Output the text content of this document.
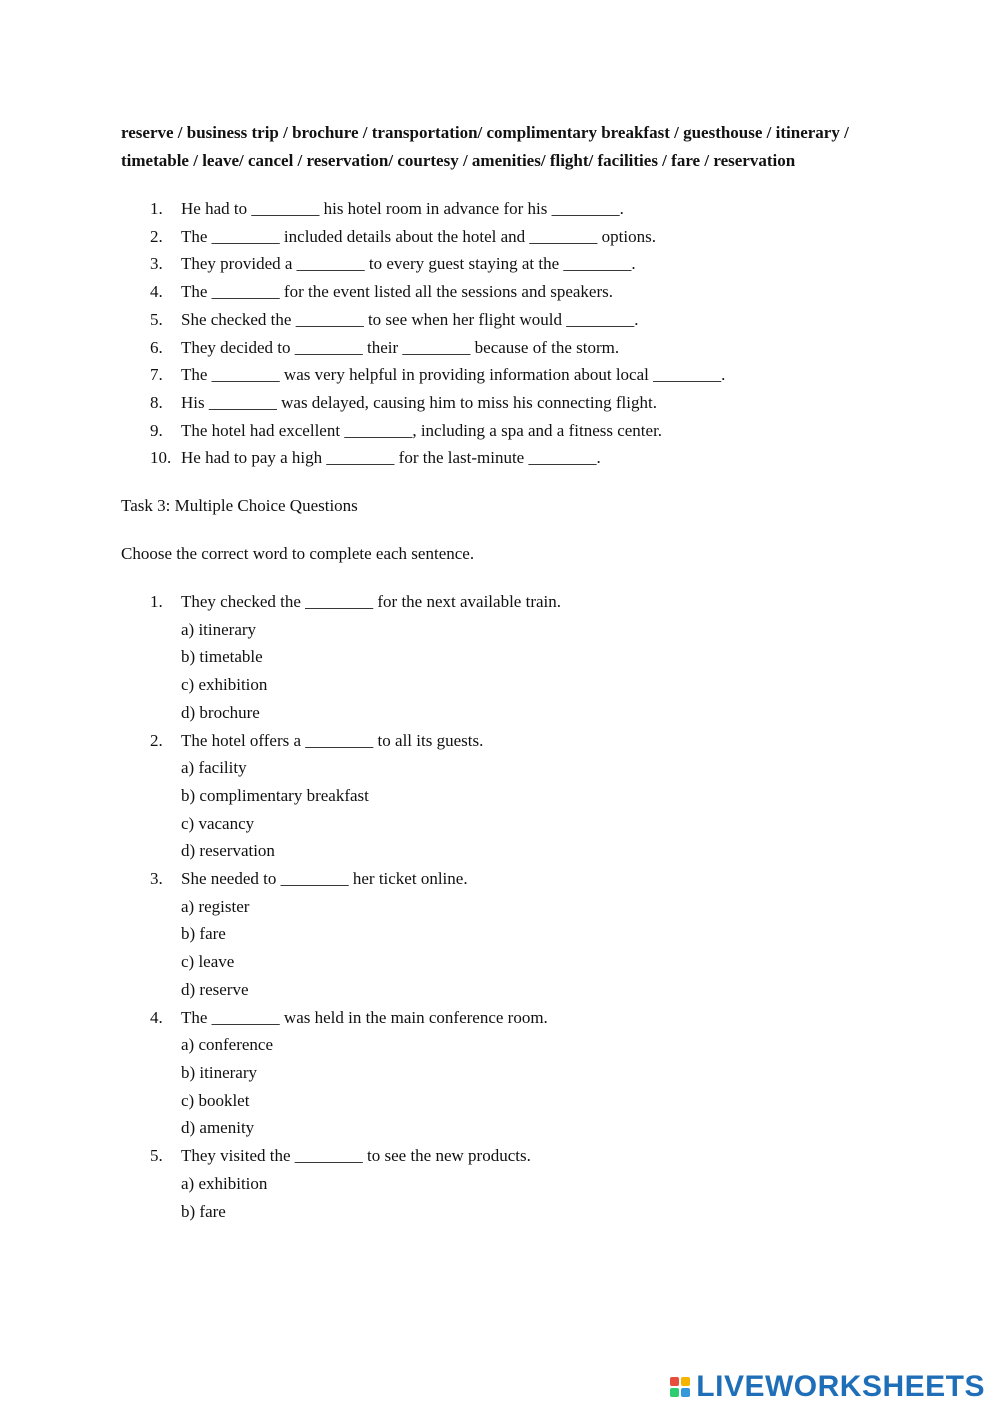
reserve / business trip / brochure / transportation/ complimentary breakfast / guesthouse / itinerary / timetable / leave/ cancel / reservation/ courtesy / amenities/ flight/ facilities / fare / reservation

1. He had to ________ his hotel room in advance for his ________.
2. The ________ included details about the hotel and ________ options.
3. They provided a ________ to every guest staying at the ________.
4. The ________ for the event listed all the sessions and speakers.
5. She checked the ________ to see when her flight would ________.
6. They decided to ________ their ________ because of the storm.
7. The ________ was very helpful in providing information about local ________.
8. His ________ was delayed, causing him to miss his connecting flight.
9. The hotel had excellent ________, including a spa and a fitness center.
10. He had to pay a high ________ for the last-minute ________.

Task 3: Multiple Choice Questions

Choose the correct word to complete each sentence.

1. They checked the ________ for the next available train.
a) itinerary
b) timetable
c) exhibition
d) brochure
2. The hotel offers a ________ to all its guests.
a) facility
b) complimentary breakfast
c) vacancy
d) reservation
3. She needed to ________ her ticket online.
a) register
b) fare
c) leave
d) reserve
4. The ________ was held in the main conference room.
a) conference
b) itinerary
c) booklet
d) amenity
5. They visited the ________ to see the new products.
a) exhibition
b) fare
LIVEWORKSHEETS
